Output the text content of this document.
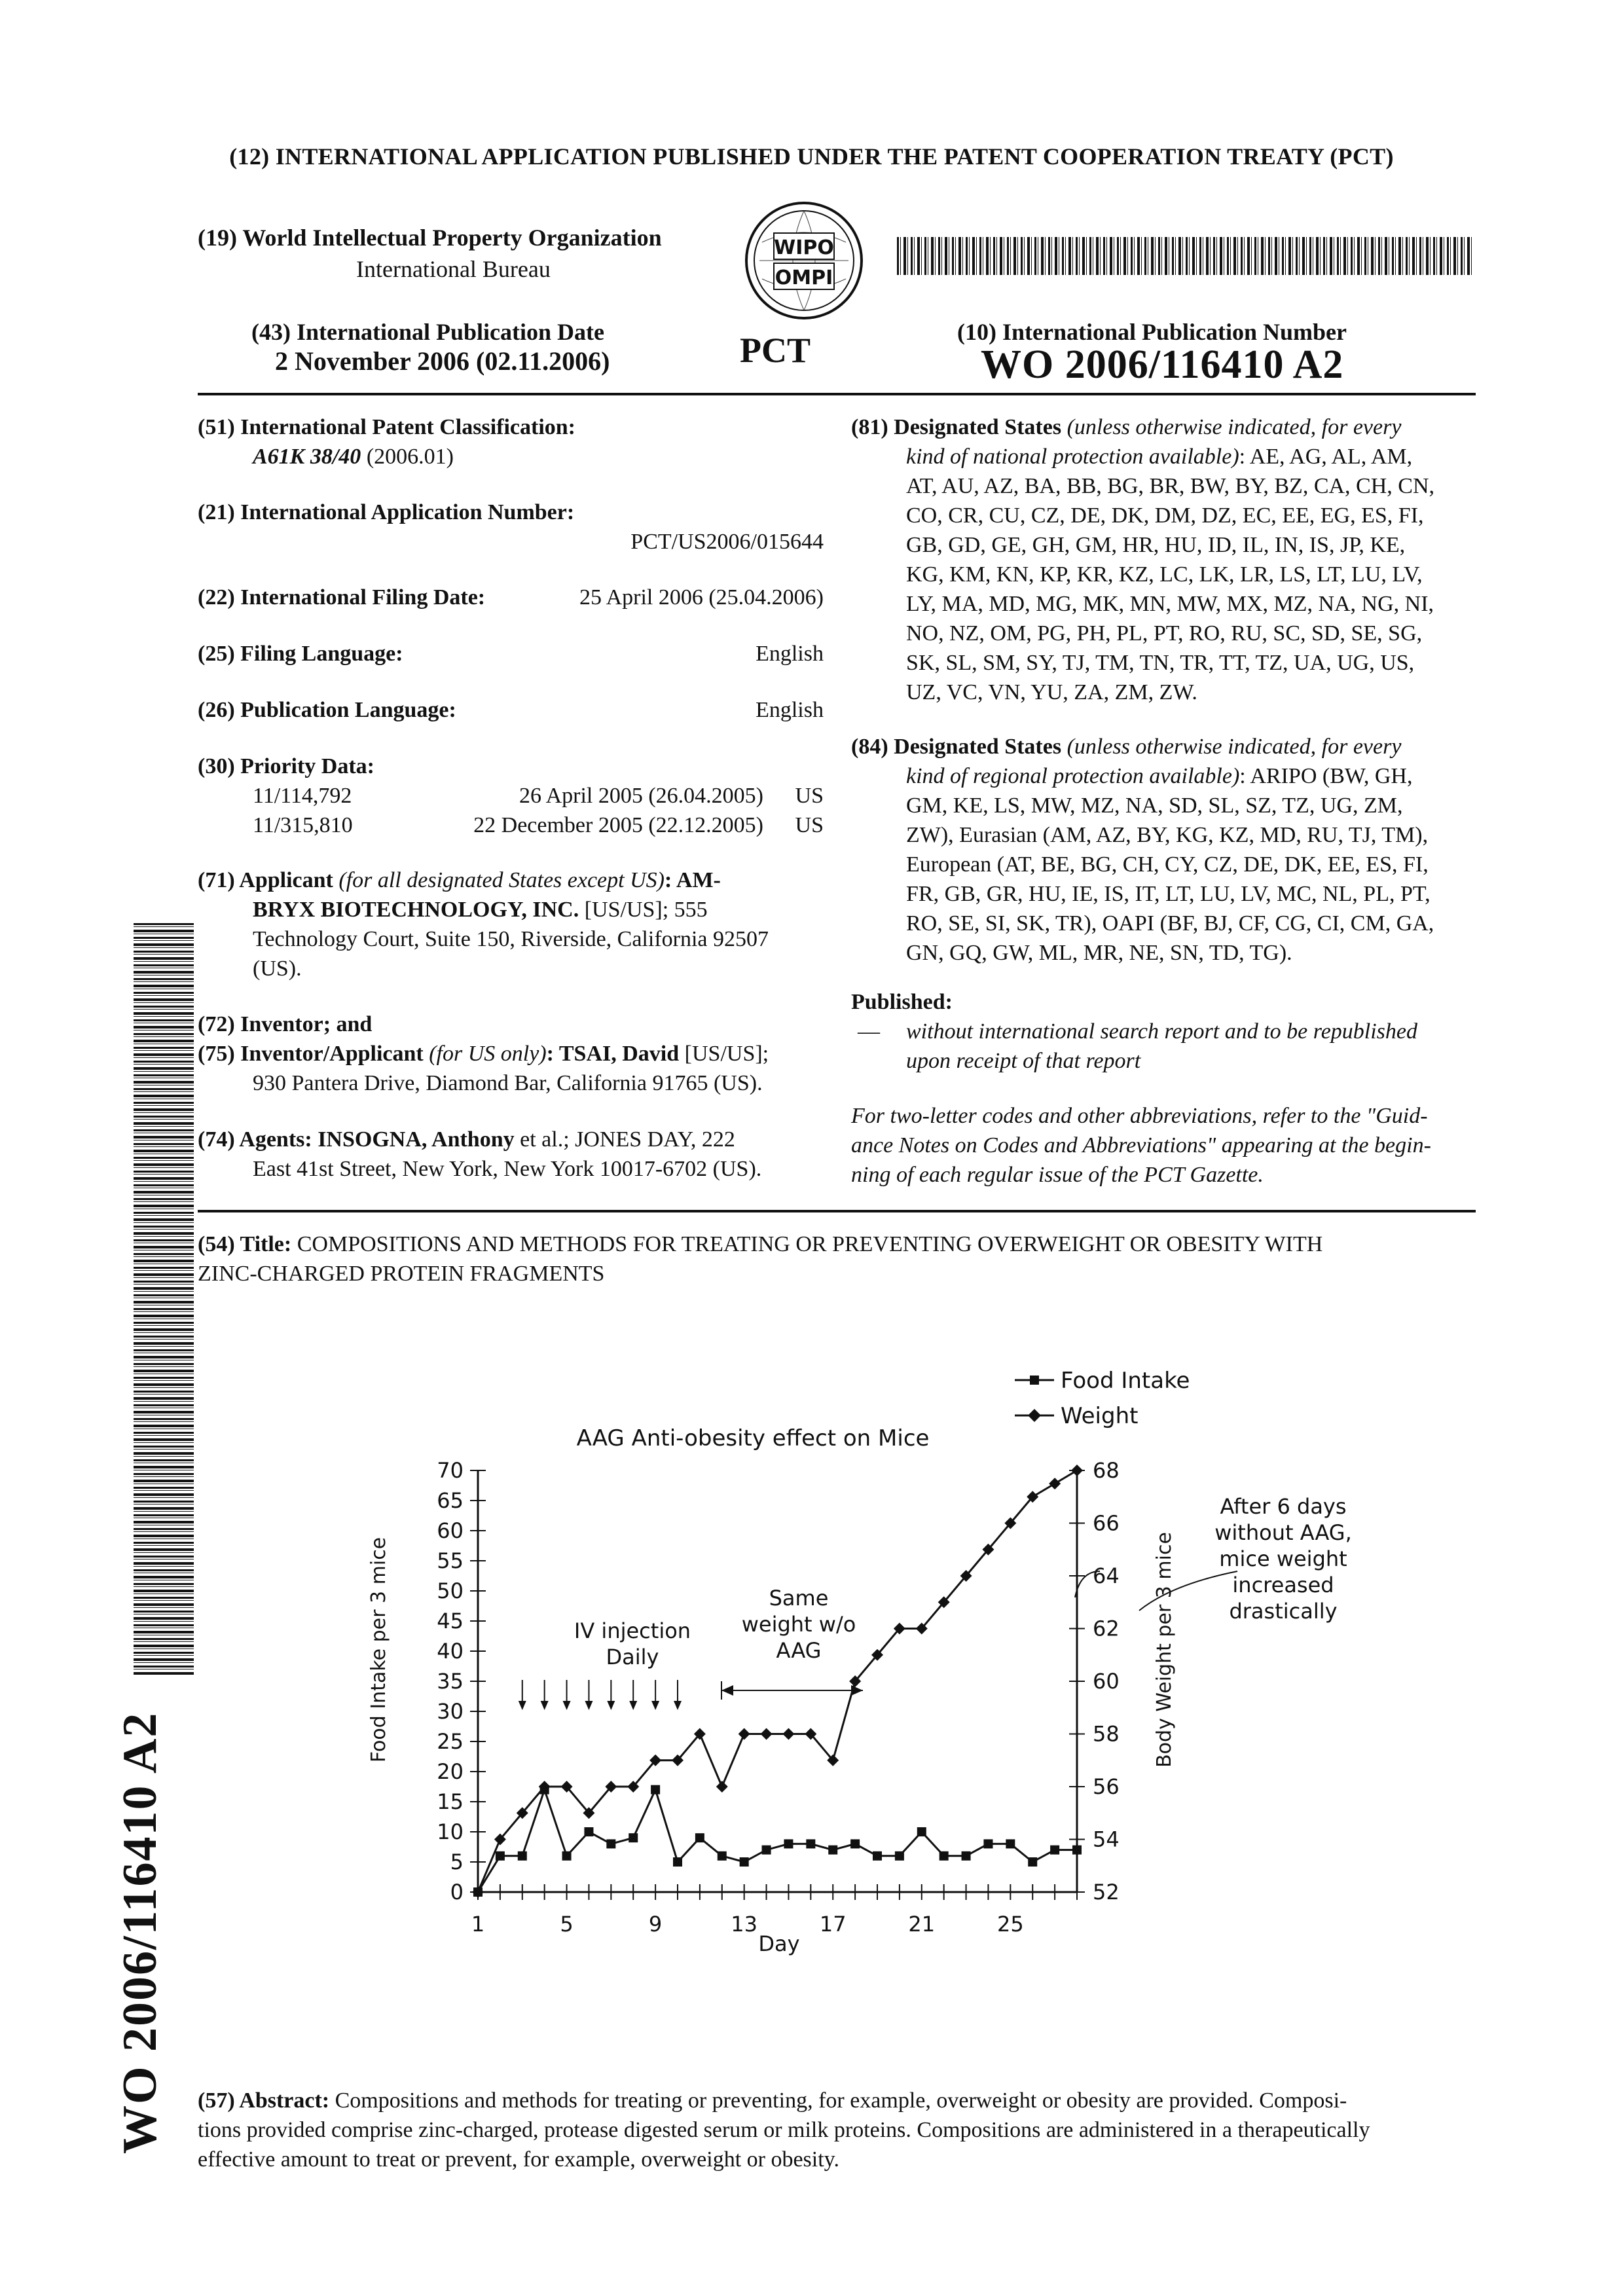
(12) INTERNATIONAL APPLICATION PUBLISHED UNDER THE PATENT COOPERATION TREATY (PCT)
(19) World Intellectual Property Organization
International Bureau
WIPO
OMPI
(43) International Publication Date
2 November 2006 (02.11.2006)	PCT	(10) International Publication Number
WO 2006/116410 A2
(51) International Patent Classification:
A61K 38/40 (2006.01)
(21) International Application Number:
PCT/US2006/015644
(22) International Filing Date:	25 April 2006 (25.04.2006)
(25) Filing Language:	English
(26) Publication Language:	English
(30) Priority Data:
11/114,792	26 April 2005 (26.04.2005)	US
11/315,810	22 December 2005 (22.12.2005)	US
(71) Applicant (for all designated States except US): AM-
BRYX BIOTECHNOLOGY, INC. [US/US]; 555
Technology Court, Suite 150, Riverside, California 92507
(US).
(72) Inventor; and
(75) Inventor/Applicant (for US only): TSAI, David [US/US];
930 Pantera Drive, Diamond Bar, California 91765 (US).
(74) Agents: INSOGNA, Anthony et al.; JONES DAY, 222
East 41st Street, New York, New York 10017-6702 (US).
(81) Designated States (unless otherwise indicated, for every
kind of national protection available): AE, AG, AL, AM,
AT, AU, AZ, BA, BB, BG, BR, BW, BY, BZ, CA, CH, CN,
CO, CR, CU, CZ, DE, DK, DM, DZ, EC, EE, EG, ES, FI,
GB, GD, GE, GH, GM, HR, HU, ID, IL, IN, IS, JP, KE,
KG, KM, KN, KP, KR, KZ, LC, LK, LR, LS, LT, LU, LV,
LY, MA, MD, MG, MK, MN, MW, MX, MZ, NA, NG, NI,
NO, NZ, OM, PG, PH, PL, PT, RO, RU, SC, SD, SE, SG,
SK, SL, SM, SY, TJ, TM, TN, TR, TT, TZ, UA, UG, US,
UZ, VC, VN, YU, ZA, ZM, ZW.
(84) Designated States (unless otherwise indicated, for every
kind of regional protection available): ARIPO (BW, GH,
GM, KE, LS, MW, MZ, NA, SD, SL, SZ, TZ, UG, ZM,
ZW), Eurasian (AM, AZ, BY, KG, KZ, MD, RU, TJ, TM),
European (AT, BE, BG, CH, CY, CZ, DE, DK, EE, ES, FI,
FR, GB, GR, HU, IE, IS, IT, LT, LU, LV, MC, NL, PL, PT,
RO, SE, SI, SK, TR), OAPI (BF, BJ, CF, CG, CI, CM, GA,
GN, GQ, GW, ML, MR, NE, SN, TD, TG).
Published:
— without international search report and to be republished
upon receipt of that report
For two-letter codes and other abbreviations, refer to the "Guid-
ance Notes on Codes and Abbreviations" appearing at the begin-
ning of each regular issue of the PCT Gazette.
(54) Title: COMPOSITIONS AND METHODS FOR TREATING OR PREVENTING OVERWEIGHT OR OBESITY WITH
ZINC-CHARGED PROTEIN FRAGMENTS
WO 2006/116410 A2
AAG Anti-obesity effect on Mice
Food Intake
Weight
1	5	9	13	17	21	25
0
5
10
15
20
25
30
35
40
45
50
55
60
65
70
52
54
56
58
60
62
64
66
68
Day
Food Intake per 3 mice	Body Weight per 3 mice
IV injection
Daily
Same
weight w/o
AAG
After 6 days
without AAG,
mice weight
increased
drastically
(57) Abstract: Compositions and methods for treating or preventing, for example, overweight or obesity are provided. Composi-
tions provided comprise zinc-charged, protease digested serum or milk proteins. Compositions are administered in a therapeutically
effective amount to treat or prevent, for example, overweight or obesity.
